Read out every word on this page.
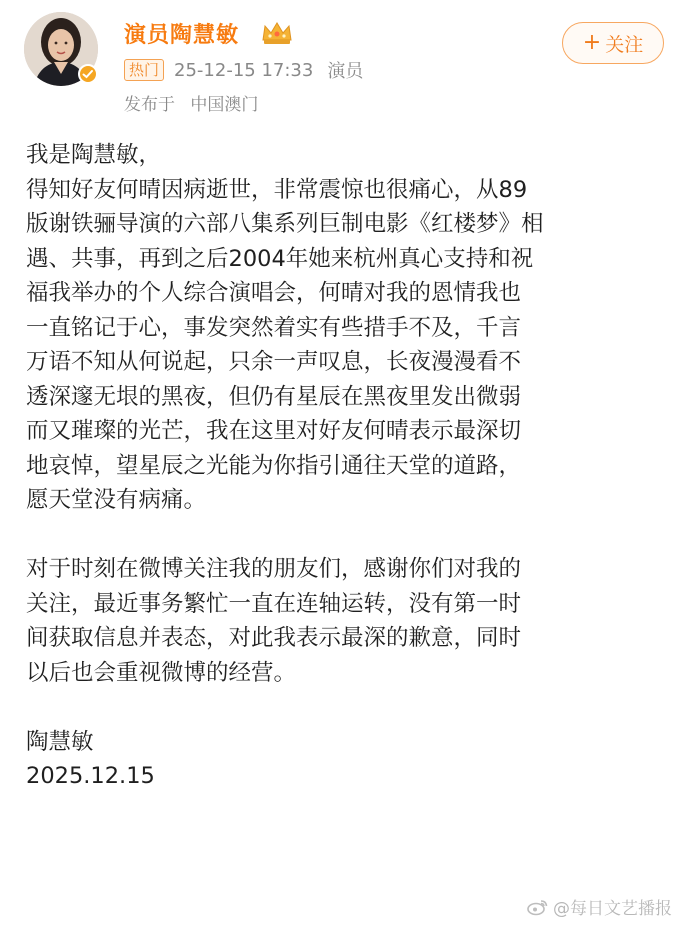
演员陶慧敏
热门 25-12-15 17:33 演员
发布于 中国澳门
+ 关注
我是陶慧敏，
得知好友何晴因病逝世，非常震惊也很痛心，从89
版谢铁骊导演的六部八集系列巨制电影《红楼梦》相
遇、共事，再到之后2004年她来杭州真心支持和祝
福我举办的个人综合演唱会，何晴对我的恩情我也
一直铭记于心，事发突然着实有些措手不及，千言
万语不知从何说起，只余一声叹息，长夜漫漫看不
透深邃无垠的黑夜，但仍有星辰在黑夜里发出微弱
而又璀璨的光芒，我在这里对好友何晴表示最深切
地哀悼，望星辰之光能为你指引通往天堂的道路，
愿天堂没有病痛。
对于时刻在微博关注我的朋友们，感谢你们对我的
关注，最近事务繁忙一直在连轴运转，没有第一时
间获取信息并表态，对此我表示最深的歉意，同时
以后也会重视微博的经营。
陶慧敏
2025.12.15
@每日文艺播报
